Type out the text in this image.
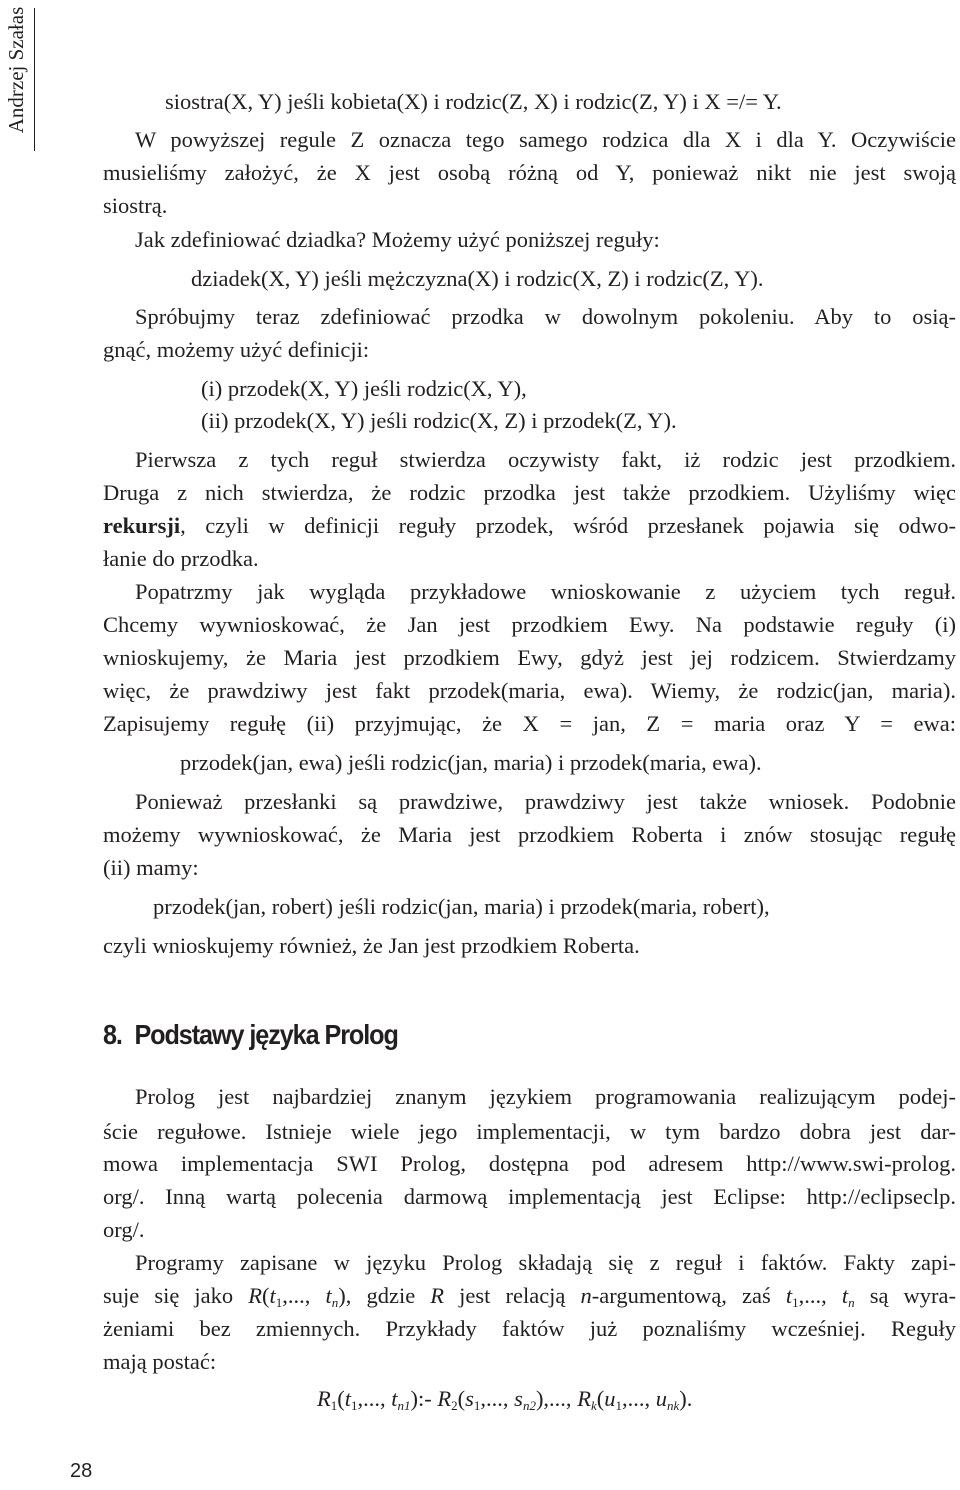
Andrzej Szałas	siostra(X, Y) jeśli kobieta(X) i rodzic(Z, X) i rodzic(Z, Y) i X =/= Y.

W powyższej regule Z oznacza tego samego rodzica dla X i dla Y. Oczywiście

musieliśmy założyć, że X jest osobą różną od Y, ponieważ nikt nie jest swoją

siostrą.

Jak zdefiniować dziadka? Możemy użyć poniższej reguły:

dziadek(X, Y) jeśli mężczyzna(X) i rodzic(X, Z) i rodzic(Z, Y).

Spróbujmy teraz zdefiniować przodka w dowolnym pokoleniu. Aby to osią-

gnąć, możemy użyć definicji:

(i) przodek(X, Y) jeśli rodzic(X, Y),

(ii) przodek(X, Y) jeśli rodzic(X, Z) i przodek(Z, Y).

Pierwsza z tych reguł stwierdza oczywisty fakt, iż rodzic jest przodkiem.

Druga z nich stwierdza, że rodzic przodka jest także przodkiem. Użyliśmy więc

rekursji, czyli w definicji reguły przodek, wśród przesłanek pojawia się odwo-

łanie do przodka.

Popatrzmy jak wygląda przykładowe wnioskowanie z użyciem tych reguł.

Chcemy wywnioskować, że Jan jest przodkiem Ewy. Na podstawie reguły (i)

wnioskujemy, że Maria jest przodkiem Ewy, gdyż jest jej rodzicem. Stwierdzamy

więc, że prawdziwy jest fakt przodek(maria, ewa). Wiemy, że rodzic(jan, maria).

Zapisujemy regułę (ii) przyjmując, że X = jan, Z = maria oraz Y = ewa:

przodek(jan, ewa) jeśli rodzic(jan, maria) i przodek(maria, ewa).

Ponieważ przesłanki są prawdziwe, prawdziwy jest także wniosek. Podobnie

możemy wywnioskować, że Maria jest przodkiem Roberta i znów stosując regułę

(ii) mamy:

przodek(jan, robert) jeśli rodzic(jan, maria) i przodek(maria, robert),

czyli wnioskujemy również, że Jan jest przodkiem Roberta.

8. Podstawy języka Prolog

Prolog jest najbardziej znanym językiem programowania realizującym podej-

ście regułowe. Istnieje wiele jego implementacji, w tym bardzo dobra jest dar-

mowa implementacja SWI Prolog, dostępna pod adresem http://www.swi-prolog.

org/. Inną wartą polecenia darmową implementacją jest Eclipse: http://eclipseclp.

org/.

Programy zapisane w języku Prolog składają się z reguł i faktów. Fakty zapi-

suje się jako $R(t_1$,..., $t_n$), gdzie R jest relacją n-argumentową, zaś $t_1$,..., $t_n$ są wyra-

żeniami bez zmiennych. Przykłady faktów już poznaliśmy wcześniej. Reguły

mają postać:

$R_1(t_1$,..., $t_{n1}):-$ $R_2(s_1$,..., $s_{n2}$),..., $R_k(u_1$,..., $u_{nk}$).

28
